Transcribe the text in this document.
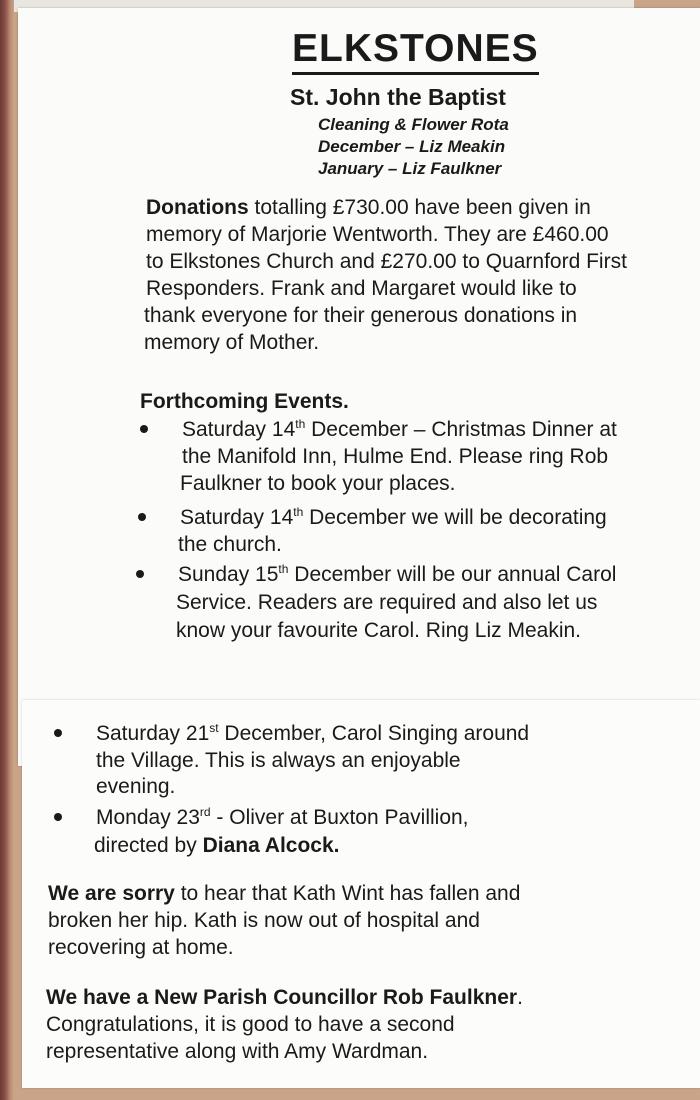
ELKSTONES
St. John the Baptist
Cleaning & Flower Rota
December – Liz Meakin
January – Liz Faulkner
Donations totalling £730.00 have been given in
memory of Marjorie Wentworth. They are £460.00
to Elkstones Church and £270.00 to Quarnford First
Responders. Frank and Margaret would like to
thank everyone for their generous donations in
memory of Mother.
Forthcoming Events.
Saturday 14th December – Christmas Dinner at
the Manifold Inn, Hulme End. Please ring Rob
Faulkner to book your places.
Saturday 14th December we will be decorating
the church.
Sunday 15th December will be our annual Carol
Service. Readers are required and also let us
know your favourite Carol. Ring Liz Meakin.
Saturday 21st December, Carol Singing around
the Village. This is always an enjoyable
evening.
Monday 23rd - Oliver at Buxton Pavillion,
directed by Diana Alcock.
We are sorry to hear that Kath Wint has fallen and
broken her hip. Kath is now out of hospital and
recovering at home.
We have a New Parish Councillor Rob Faulkner.
Congratulations, it is good to have a second
representative along with Amy Wardman.
